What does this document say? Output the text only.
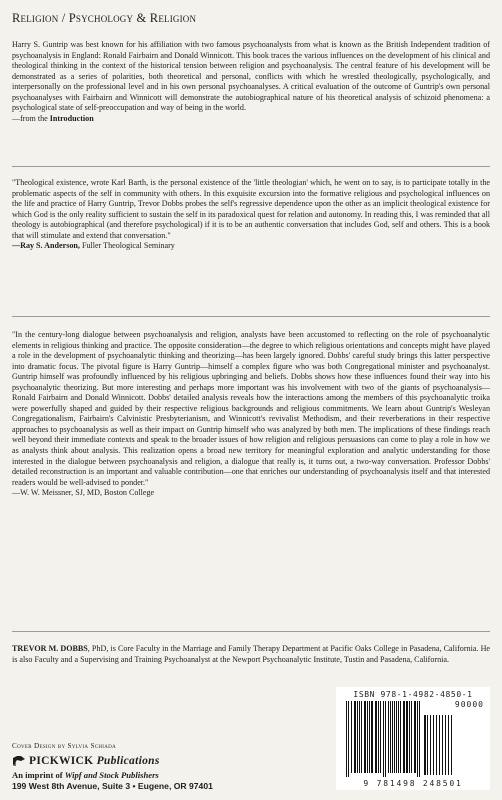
Religion / Psychology & Religion

Harry S. Guntrip was best known for his affiliation with two famous psychoanalysts from what is known as the British Independent tradition of psychoanalysis in England: Ronald Fairbairn and Donald Winnicott. This book traces the various influences on the development of his clinical and theological thinking in the context of the historical tension between religion and psychoanalysis. The central feature of his development will be demonstrated as a series of polarities, both theoretical and personal, conflicts with which he wrestled theologically, psychologically, and interpersonally on the professional level and in his own personal psychoanalyses. A critical evaluation of the outcome of Guntrip's own personal psychoanalyses with Fairbairn and Winnicott will demonstrate the autobiographical nature of his theoretical analysis of schizoid phenomena: a psychological state of self-preoccupation and way of being in the world.

—from the Introduction

"Theological existence, wrote Karl Barth, is the personal existence of the 'little theologian' which, he went on to say, is to participate totally in the problematic aspects of the self in community with others. In this exquisite excursion into the formative religious and psychological influences on the life and practice of Harry Guntrip, Trevor Dobbs probes the self's regressive dependence upon the other as an implicit theological existence for which God is the only reality sufficient to sustain the self in its paradoxical quest for relation and autonomy. In reading this, I was reminded that all theology is autobiographical (and therefore psychological) if it is to be an authentic conversation that includes God, self and others. This is a book that will stimulate and extend that conversation."

—Ray S. Anderson, Fuller Theological Seminary

"In the century-long dialogue between psychoanalysis and religion, analysts have been accustomed to reflecting on the role of psychoanalytic elements in religious thinking and practice. The opposite consideration—the degree to which religious orientations and concepts might have played a role in the development of psychoanalytic thinking and theorizing—has been largely ignored. Dobbs' careful study brings this latter perspective into dramatic focus. The pivotal figure is Harry Guntrip—himself a complex figure who was both Congregational minister and psychoanalyst. Guntrip himself was profoundly influenced by his religious upbringing and beliefs. Dobbs shows how these influences found their way into his psychoanalytic theorizing. But more interesting and perhaps more important was his involvement with two of the giants of psychoanalysis—Ronald Fairbairn and Donald Winnicott. Dobbs' detailed analysis reveals how the interactions among the members of this psychoanalytic troika were powerfully shaped and guided by their respective religious backgrounds and religious commitments. We learn about Guntrip's Wesleyan Congregationalism, Fairbairn's Calvinistic Presbyterianism, and Winnicott's revivalist Methodism, and their reverberations in their respective approaches to psychoanalysis as well as their impact on Guntrip himself who was analyzed by both men. The implications of these findings reach well beyond their immediate contexts and speak to the broader issues of how religion and religious persuasions can come to play a role in how we as analysts think about analysis. This realization opens a broad new territory for meaningful exploration and analytic understanding for those interested in the dialogue between psychoanalysis and religion, a dialogue that really is, it turns out, a two-way conversation. Professor Dobbs' detailed reconstruction is an important and valuable contribution—one that enriches our understanding of psychoanalysis itself and that interested readers would be well-advised to ponder."

—W. W. Meissner, SJ, MD, Boston College

TREVOR M. DOBBS, PhD, is Core Faculty in the Marriage and Family Therapy Department at Pacific Oaks College in Pasadena, California. He is also Faculty and a Supervising and Training Psychoanalyst at the Newport Psychoanalytic Institute, Tustin and Pasadena, California.

ISBN 978-1-4982-4850-1
90000
9 781498 248501
Cover Design by Sylvia Schiada
PICKWICK Publications
An imprint of Wipf and Stock Publishers
199 West 8th Avenue, Suite 3 • Eugene, OR 97401
